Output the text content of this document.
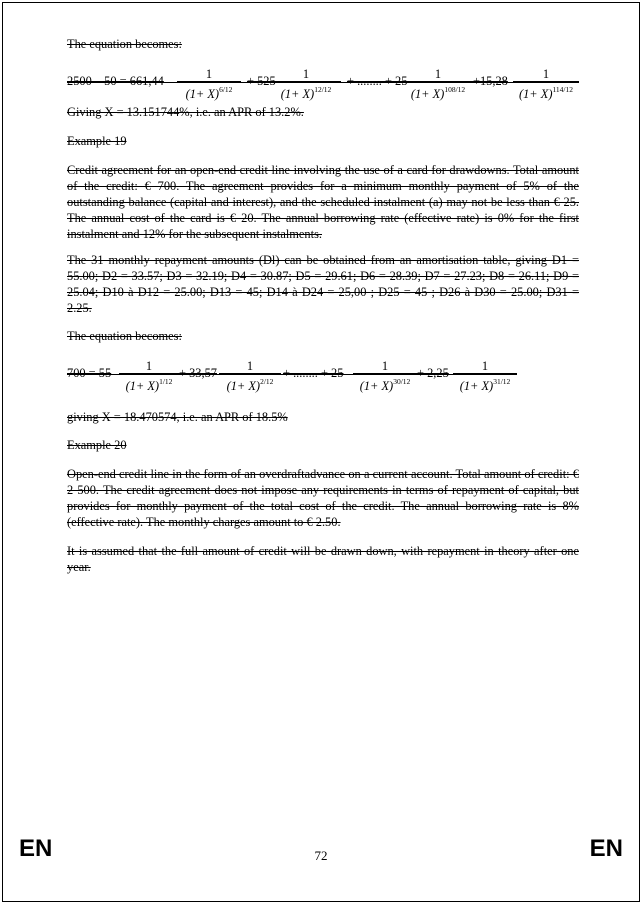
The equation becomes:
$2500 - 50 = 661,44 \frac{1}{(1+ X)^{6/12}} + 525$
$\frac{1}{(1+ X)^{12/12}}$ + ........ + 25
$\frac{1}{(1+ X)^{108/12}} +15,28 \frac{1}{(1+ X)^{114/12}}$
Giving X = 13.151744%, i.e. an APR of 13.2%.
Example 19
Credit agreement for an open-end credit line involving the use of a card for drawdowns. Total amount of the credit: € 700. The agreement provides for a minimum monthly payment of 5% of the outstanding balance (capital and interest), and the scheduled instalment (a) may not be less than € 25. The annual cost of the card is € 20. The annual borrowing rate (effective rate) is 0% for the first instalment and 12% for the subsequent instalments.
The 31 monthly repayment amounts (Dl) can be obtained from an amortisation table, giving D1 = 55.00; D2 = 33.57; D3 = 32.19; D4 = 30.87; D5 = 29.61; D6 = 28.39; D7 = 27.23; D8 = 26.11; D9 = 25.04; D10 à D12 = 25.00; D13 = 45; D14 à D24 = 25,00 ; D25 = 45 ; D26 à D30 = 25.00; D31 = 2.25.
The equation becomes:
$700 = 55 \frac{1}{(1+ X)^{1/12}} + 33,57 \frac{1}{(1+ X)^{2/12}}$ + ........ + $25 \frac{1}{(1+ X)^{30/12}} + 2,25 \frac{1}{(1+ X)^{31/12}}$
giving X = 18.470574, i.e. an APR of 18.5%
Example 20
Open-end credit line in the form of an overdraftadvance on a current account. Total amount of credit: € 2 500. The credit agreement does not impose any requirements in terms of repayment of capital, but provides for monthly payment of the total cost of the credit. The annual borrowing rate is 8% (effective rate). The monthly charges amount to € 2.50.
It is assumed that the full amount of credit will be drawn down, with repayment in theory after one year.
EN	72	EN
